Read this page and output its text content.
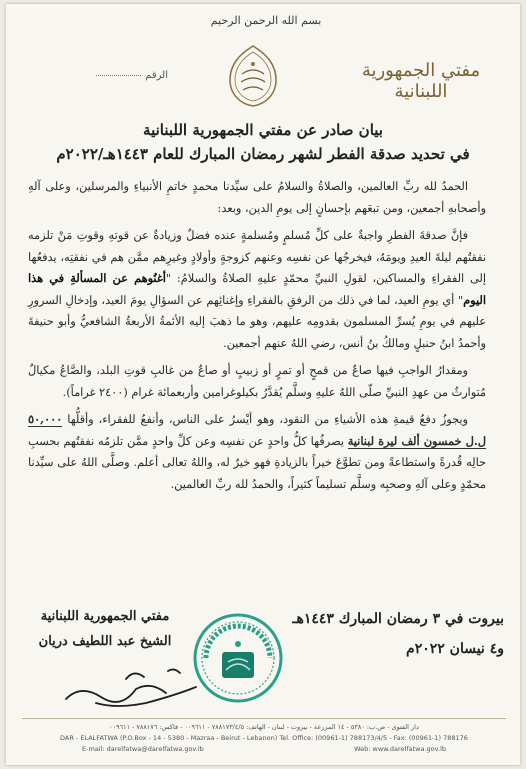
بسم الله الرحمن الرحيم
الرقم	مفتي الجمهورية اللبنانية
بيان صادر عن مفتي الجمهورية اللبنانية
في تحديد صدقة الفطر لشهر رمضان المبارك للعام ١٤٤٣هـ/٢٠٢٢م

الحمدُ لله ربِّ العالمين، والصلاةُ والسلامُ على سيِّدنا محمدٍ خاتمِ الأنبياءِ والمرسلين، وعلى آلهِ وأصحابهِ أجمعين، ومن تبعَهم بإحسانٍ إلى يومِ الدين، وبعد:

فإنَّ صدقةَ الفطرِ واجبةٌ على كلِّ مُسلمٍ ومُسلمةٍ عنده فضلٌ وزيادةٌ عن قوتهِ وقوتِ مَنْ تلزمه نفقتُهم ليلةَ العيدِ ويومَهُ، فيخرجُها عن نفسِه وعنهم كزوجةٍ وأولادٍ وغيرِهم ممَّن هم في نفقتِه، يدفعُها إلى الفقراءِ والمساكين، لقولِ النبيِّ محمّدٍ عليهِ الصلاةُ والسلامُ: "أغنُوهم عن المسألةِ في هذا اليوم" أي يومِ العيد، لما في ذلك من الرفقِ بالفقراءِ وإغنائِهم عن السؤالِ يومَ العيد، وإدخالِ السرورِ عليهم في يومِ يُسرِّ المسلمون بقدومِه عليهم، وهو ما ذهبَ إليه الأئمةُ الأربعةُ الشافعيُّ وأبو حنيفةَ وأحمدُ ابنُ حنبلٍ ومالكُ بنُ أنس، رضي اللهُ عنهم أجمعين.

ومقدارُ الواجبِ فيها صاعٌ من قمحٍ أو تمرٍ أو زبيبٍ أو صاعٌ من غالبِ قوتِ البلد، والصَّاعُ مكيالٌ مُتوارثٌ من عهدِ النبيِّ صلّى اللهُ عليهِ وسلَّم يُقدَّرُ بكيلوغرامين وأربعمائة غرام (٢٤٠٠ غراماً).

ويجوزُ دفعُ قيمةِ هذه الأشياءِ من النقود، وهو أيْسرُ على الناس، وأنفعُ للفقراء، وأقلُّها ٥٠,٠٠٠ ل.ل خمسون ألف ليرة لبنانية يصرفُها كلُّ واحدٍ عن نفسِه وعن كلِّ واحدٍ ممَّن تلزمُه نفقتُهم بحسبِ حالِه قُدرةً واستطاعةً ومن تطوَّعَ خيراً بالزيادةِ فهو خيرٌ له، واللهُ تعالى أعلم. وصلَّى اللهُ على سيِّدنا محمّدٍ وعلى آلهِ وصحبِه وسلَّم تسليماً كثيراً، والحمدُ لله ربِّ العالمين.

بيروت في ٣ رمضان المبارك ١٤٤٣هـ
و٤ نيسان ٢٠٢٢م
مفتي الجمهورية اللبنانية
الشيخ عبد اللطيف دريان
دار الفتوى - ص.ب: ٥٣٨٠ - ١٤ المزرعة - بيروت - لبنان - الهاتف: ٧٨٨١٧٣/٤/٥ - ٠٠٩٦١١ - فاكس: ٧٨٨١٧٦ - ٠٠٩٦١١
DAR - ELALFATWA (P.O.Box - 14 - 5380 - Mazraa - Beirut - Lebanon) Tel. Office: (00961-1) 788173/4/5 - Fax: (00961-1) 788176
E-mail: darelfatwa@darelfatwa.gov.lb	Web: www.darelfatwa.gov.lb
